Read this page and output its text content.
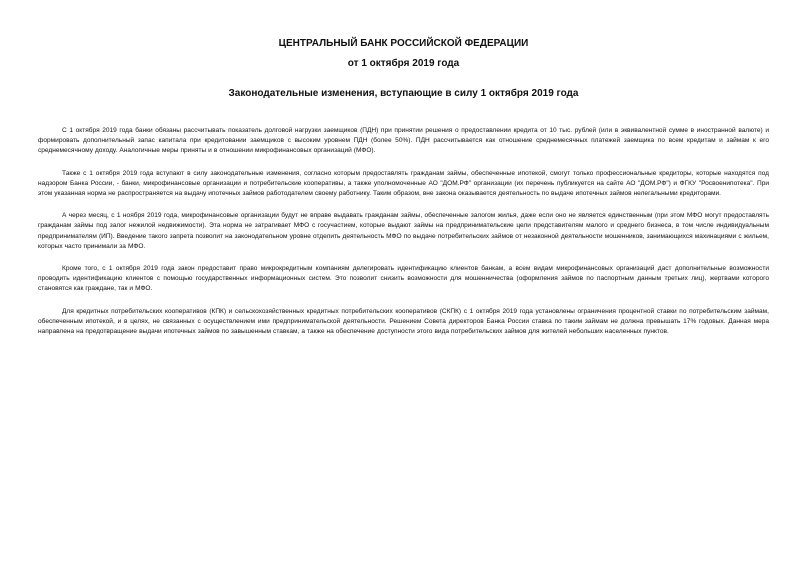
ЦЕНТРАЛЬНЫЙ БАНК РОССИЙСКОЙ ФЕДЕРАЦИИ
от 1 октября 2019 года
Законодательные изменения, вступающие в силу 1 октября 2019 года

С 1 октября 2019 года банки обязаны рассчитывать показатель долговой нагрузки заемщиков (ПДН) при принятии решения о предоставлении кредита от 10 тыс. рублей (или в эквивалентной сумме в иностранной валюте) и формировать дополнительный запас капитала при кредитовании заемщиков с высоким уровнем ПДН (более 50%). ПДН рассчитывается как отношение среднемесячных платежей заемщика по всем кредитам и займам к его среднемесячному доходу. Аналогичные меры приняты и в отношении микрофинансовых организаций (МФО).

Также с 1 октября 2019 года вступают в силу законодательные изменения, согласно которым предоставлять гражданам займы, обеспеченные ипотекой, смогут только профессиональные кредиторы, которые находятся под надзором Банка России, - банки, микрофинансовые организации и потребительские кооперативы, а также уполномоченные АО "ДОМ.РФ" организации (их перечень публикуется на сайте АО "ДОМ.РФ") и ФГКУ "Росвоенипотека". При этом указанная норма не распространяется на выдачу ипотечных займов работодателем своему работнику. Таким образом, вне закона оказывается деятельность по выдаче ипотечных займов нелегальными кредиторами.

А через месяц, с 1 ноября 2019 года, микрофинансовые организации будут не вправе выдавать гражданам займы, обеспеченные залогом жилья, даже если оно не является единственным (при этом МФО могут предоставлять гражданам займы под залог нежилой недвижимости). Эта норма не затрагивает МФО с госучастием, которые выдают займы на предпринимательские цели представителям малого и среднего бизнеса, в том числе индивидуальным предпринимателям (ИП). Введение такого запрета позволит на законодательном уровне отделить деятельность МФО по выдаче потребительских займов от незаконной деятельности мошенников, занимающихся махинациями с жильем, которых часто принимали за МФО.

Кроме того, с 1 октября 2019 года закон предоставит право микрокредитным компаниям делегировать идентификацию клиентов банкам, а всем видам микрофинансовых организаций даст дополнительные возможности проводить идентификацию клиентов с помощью государственных информационных систем. Это позволит снизить возможности для мошенничества (оформления займов по паспортным данным третьих лиц), жертвами которого становятся как граждане, так и МФО.

Для кредитных потребительских кооперативов (КПК) и сельскохозяйственных кредитных потребительских кооперативов (СКПК) с 1 октября 2019 года установлены ограничения процентной ставки по потребительским займам, обеспеченным ипотекой, и в целях, не связанных с осуществлением ими предпринимательской деятельности. Решением Совета директоров Банка России ставка по таким займам не должна превышать 17% годовых. Данная мера направлена на предотвращение выдачи ипотечных займов по завышенным ставкам, а также на обеспечение доступности этого вида потребительских займов для жителей небольших населенных пунктов.
